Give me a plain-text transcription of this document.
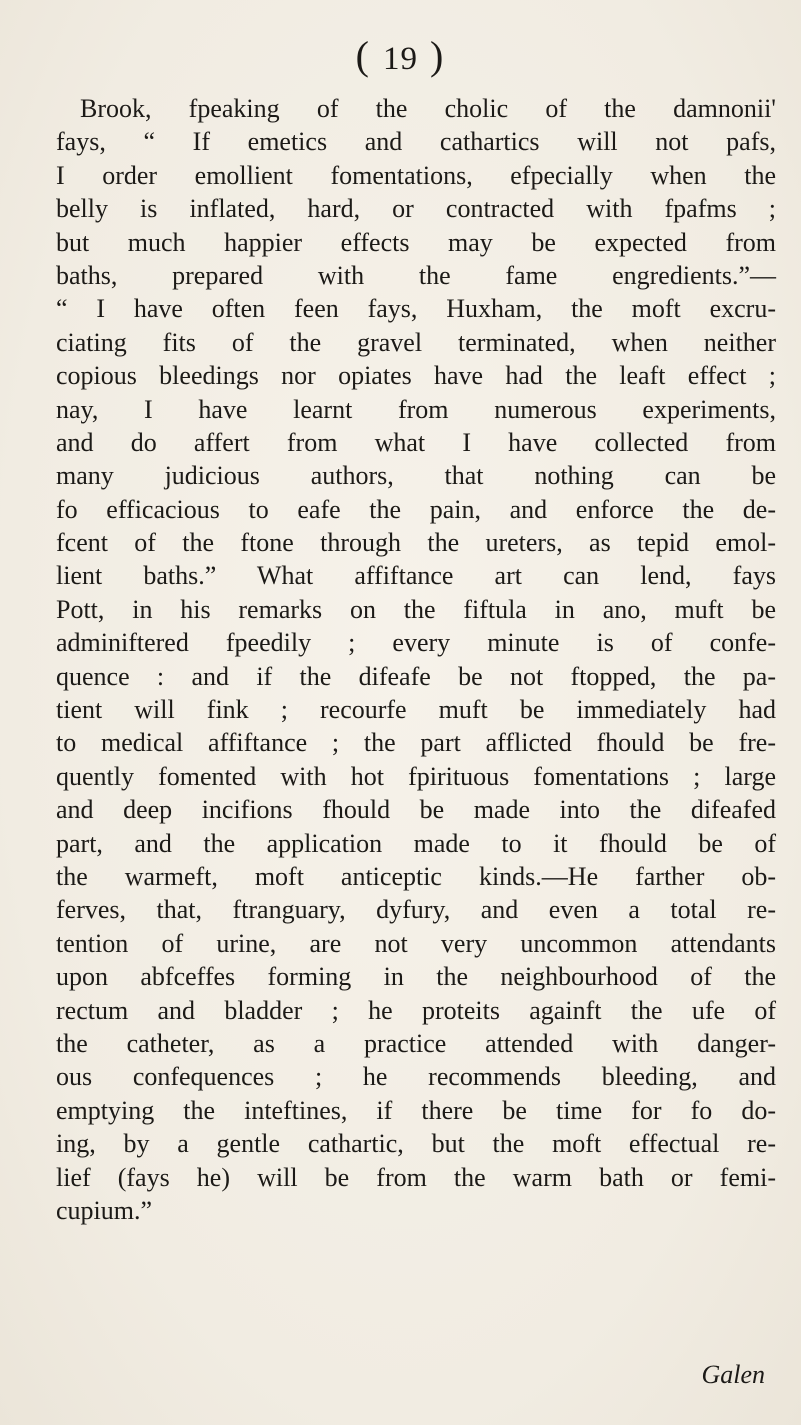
( 19 )
Brook, fpeaking of the cholic of the damnonii'
fays, “ If emetics and cathartics will not pafs,
I order emollient fomentations, efpecially when the
belly is inflated, hard, or contracted with fpafms ;
but much happier effects may be expected from
baths, prepared with the fame engredients.”—
“ I have often feen fays, Huxham, the moft excru-
ciating fits of the gravel terminated, when neither
copious bleedings nor opiates have had the leaft effect ;
nay, I have learnt from numerous experiments,
and do affert from what I have collected from
many judicious authors, that nothing can be
fo efficacious to eafe the pain, and enforce the de-
fcent of the ftone through the ureters, as tepid emol-
lient baths.” What affiftance art can lend, fays
Pott, in his remarks on the fiftula in ano, muft be
adminiftered fpeedily ; every minute is of confe-
quence : and if the difeafe be not ftopped, the pa-
tient will fink ; recourfe muft be immediately had
to medical affiftance ; the part afflicted fhould be fre-
quently fomented with hot fpirituous fomentations ; large
and deep incifions fhould be made into the difeafed
part, and the application made to it fhould be of
the warmeft, moft anticeptic kinds.—He farther ob-
ferves, that, ftranguary, dyfury, and even a total re-
tention of urine, are not very uncommon attendants
upon abfceffes forming in the neighbourhood of the
rectum and bladder ; he proteits againft the ufe of
the catheter, as a practice attended with danger-
ous confequences ; he recommends bleeding, and
emptying the inteftines, if there be time for fo do-
ing, by a gentle cathartic, but the moft effectual re-
lief (fays he) will be from the warm bath or femi-
cupium.”
Galen
